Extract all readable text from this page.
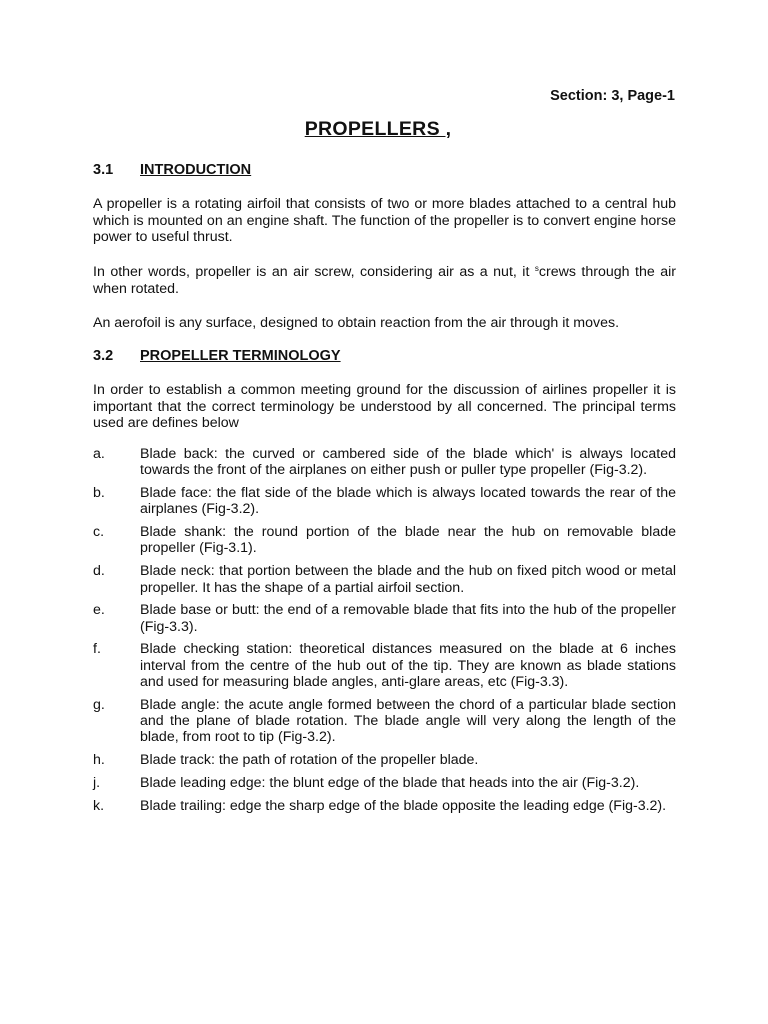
Section: 3, Page-1
PROPELLERS ,
3.1 INTRODUCTION
A propeller is a rotating airfoil that consists of two or more blades attached to a central hub which is mounted on an engine shaft. The function of the propeller is to convert engine horse power to useful thrust.
In other words, propeller is an air screw, considering air as a nut, it $^s$crews through the air when rotated.
An aerofoil is any surface, designed to obtain reaction from the air through it moves.
3.2 PROPELLER TERMINOLOGY
In order to establish a common meeting ground for the discussion of airlines propeller it is important that the correct terminology be understood by all concerned. The principal terms used are defines below
a. Blade back: the curved or cambered side of the blade which' is always located towards the front of the airplanes on either push or puller type propeller (Fig-3.2).
b. Blade face: the flat side of the blade which is always located towards the rear of the airplanes (Fig-3.2).
c.	Blade shank: the round portion of the blade near the hub on removable blade propeller (Fig-3.1).
d. Blade neck: that portion between the blade and the hub on fixed pitch wood or metal propeller. It has the shape of a partial airfoil section.
e. Blade base or butt: the end of a removable blade that fits into the hub of the propeller (Fig-3.3).
f.	Blade checking station: theoretical distances measured on the blade at 6 inches interval from the centre of the hub out of the tip. They are known as blade stations and used for measuring blade angles, anti-glare areas, etc (Fig-3.3).
g. Blade angle: the acute angle formed between the chord of a particular blade section and the plane of blade rotation. The blade angle will very along the length of the blade, from root to tip (Fig-3.2).
h. Blade track: the path of rotation of the propeller blade.
j.	Blade leading edge: the blunt edge of the blade that heads into the air (Fig-3.2).
k.	Blade trailing: edge the sharp edge of the blade opposite the leading edge (Fig-3.2).
